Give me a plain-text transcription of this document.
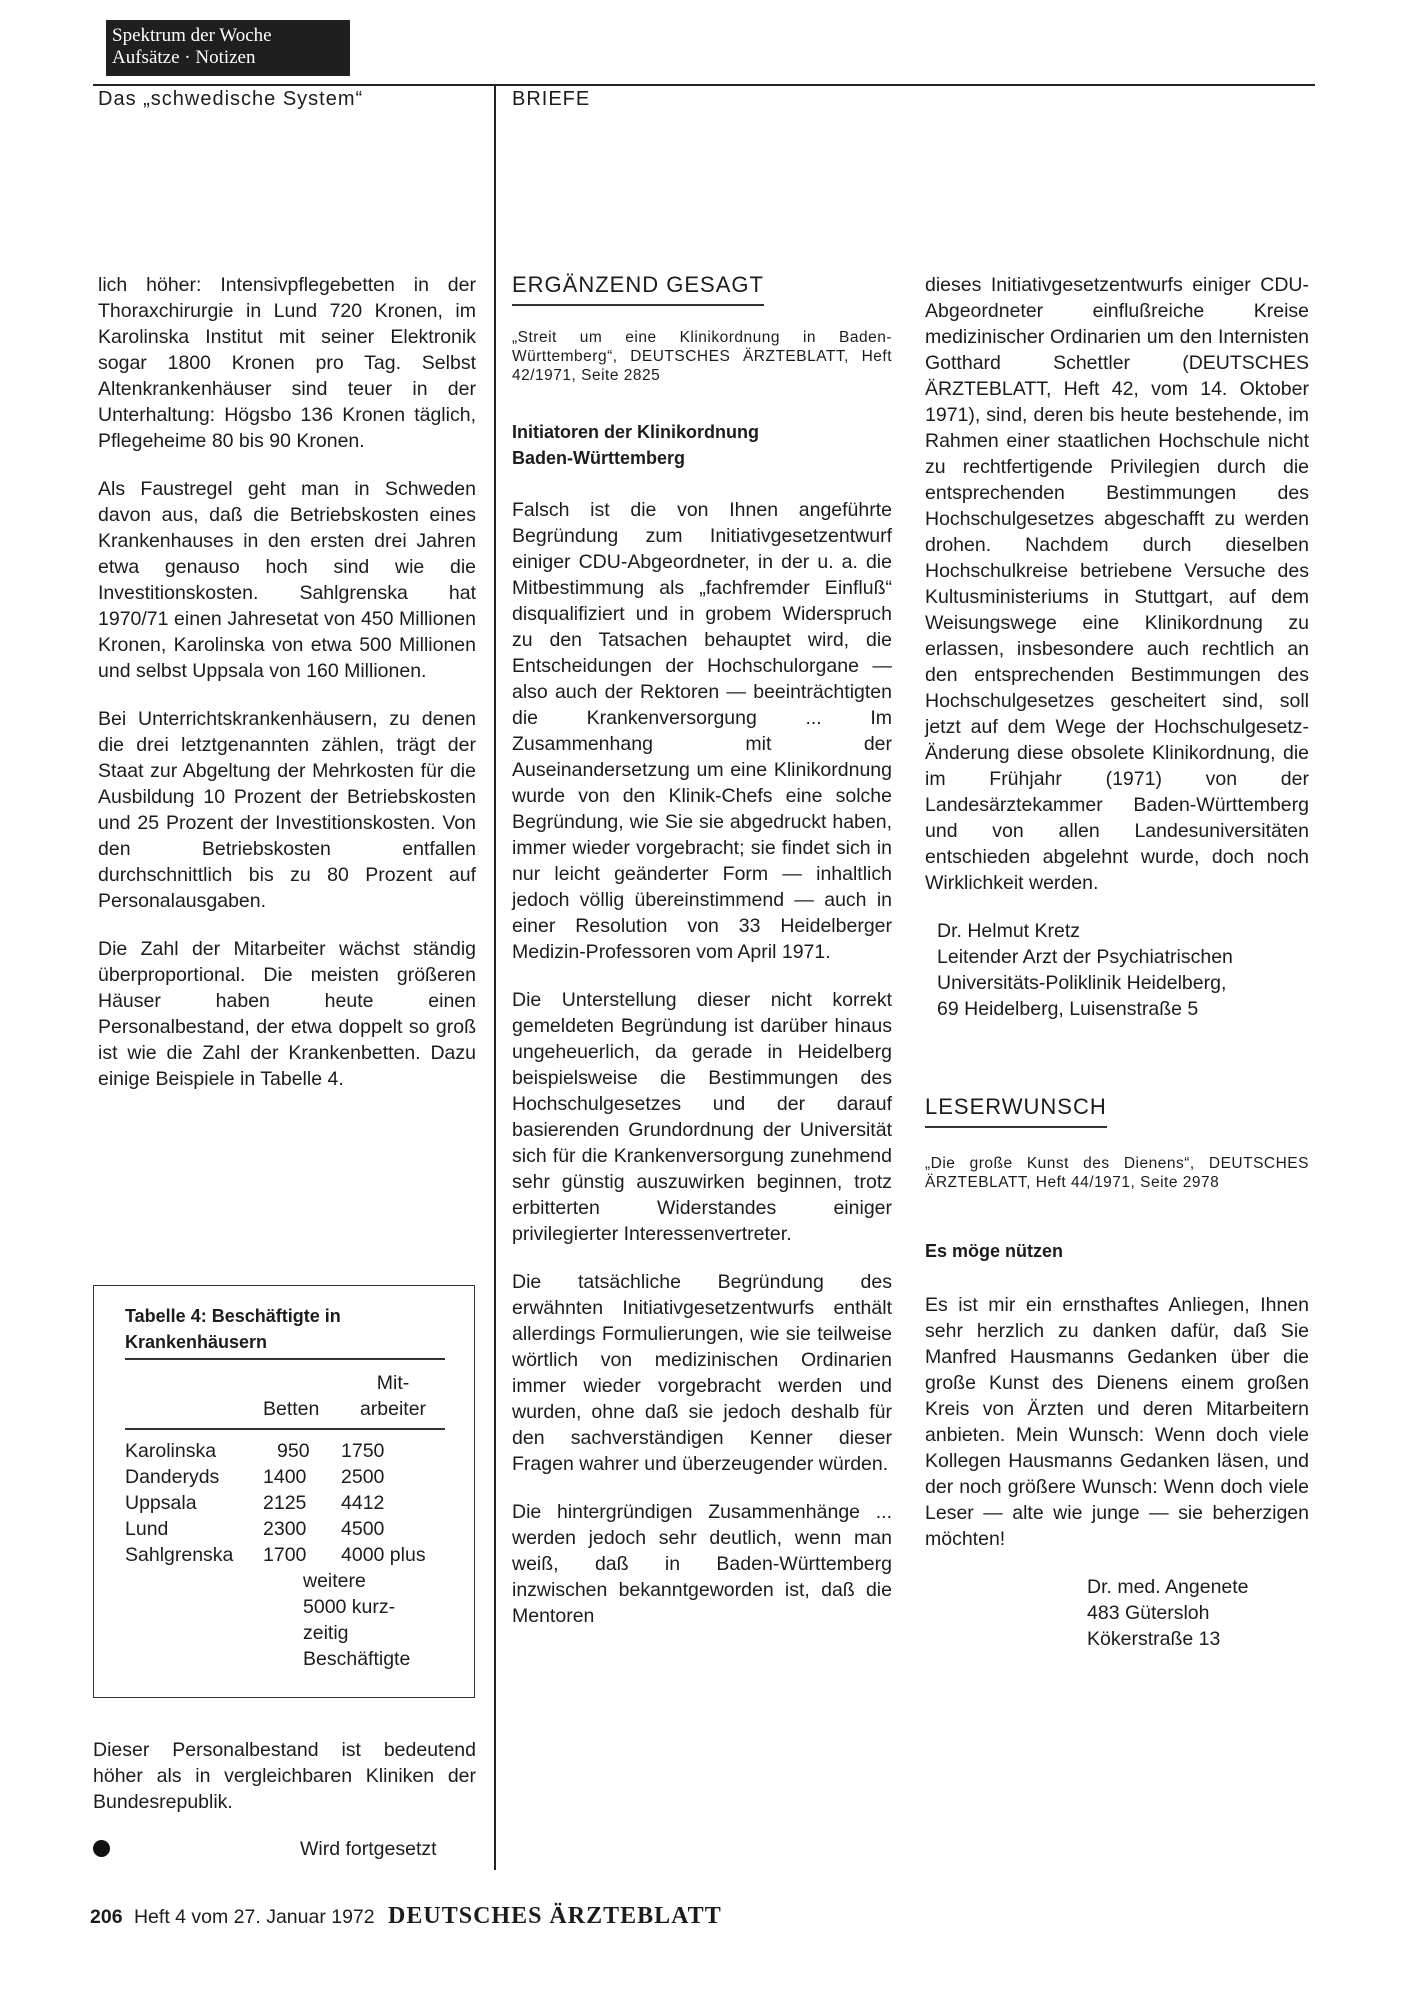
Spektrum der Woche
Aufsätze · Notizen
Das „schwedische System“	BRIEFE

lich höher: Intensivpflegebetten in der Thoraxchirurgie in Lund 720 Kronen, im Karolinska Institut mit seiner Elektronik sogar 1800 Kronen pro Tag. Selbst Altenkrankenhäuser sind teuer in der Unterhaltung: Högsbo 136 Kronen täglich, Pflegeheime 80 bis 90 Kronen.

Als Faustregel geht man in Schweden davon aus, daß die Betriebskosten eines Krankenhauses in den ersten drei Jahren etwa genauso hoch sind wie die Investitionskosten. Sahlgrenska hat 1970/71 einen Jahresetat von 450 Millionen Kronen, Karolinska von etwa 500 Millionen und selbst Uppsala von 160 Millionen.

Bei Unterrichtskrankenhäusern, zu denen die drei letztgenannten zählen, trägt der Staat zur Abgeltung der Mehrkosten für die Ausbildung 10 Prozent der Betriebskosten und 25 Prozent der Investitionskosten. Von den Betriebskosten entfallen durchschnittlich bis zu 80 Prozent auf Personalausgaben.

Die Zahl der Mitarbeiter wächst ständig überproportional. Die meisten größeren Häuser haben heute einen Personalbestand, der etwa doppelt so groß ist wie die Zahl der Krankenbetten. Dazu einige Beispiele in Tabelle 4.

Tabelle 4: Beschäftigte in
Krankenhäusern
	Betten	Mit-
arbeiter

Karolinska	950	1750
Danderyds	1400	2500
Uppsala	2125	4412
Lund	2300	4500
Sahlgrenska	1700	4000 plus

	weitere
5000 kurz-
zeitig
Beschäftigte	

Dieser Personalbestand ist bedeutend höher als in vergleichbaren Kliniken der Bundesrepublik.

Wird fortgesetzt
ERGÄNZEND GESAGT
„Streit um eine Klinikordnung in Baden-Württemberg“, DEUTSCHES ÄRZTEBLATT, Heft 42/1971, Seite 2825
Initiatoren der Klinikordnung
Baden-Württemberg

Falsch ist die von Ihnen angeführte Begründung zum Initiativgesetzentwurf einiger CDU-Abgeordneter, in der u. a. die Mitbestimmung als „fachfremder Einfluß“ disqualifiziert und in grobem Widerspruch zu den Tatsachen behauptet wird, die Entscheidungen der Hochschulorgane — also auch der Rektoren — beeinträchtigten die Krankenversorgung ... Im Zusammenhang mit der Auseinandersetzung um eine Klinikordnung wurde von den Klinik-Chefs eine solche Begründung, wie Sie sie abgedruckt haben, immer wieder vorgebracht; sie findet sich in nur leicht geänderter Form — inhaltlich jedoch völlig übereinstimmend — auch in einer Resolution von 33 Heidelberger Medizin-Professoren vom April 1971.

Die Unterstellung dieser nicht korrekt gemeldeten Begründung ist darüber hinaus ungeheuerlich, da gerade in Heidelberg beispielsweise die Bestimmungen des Hochschulgesetzes und der darauf basierenden Grundordnung der Universität sich für die Krankenversorgung zunehmend sehr günstig auszuwirken beginnen, trotz erbitterten Widerstandes einiger privilegierter Interessenvertreter.

Die tatsächliche Begründung des erwähnten Initiativgesetzentwurfs enthält allerdings Formulierungen, wie sie teilweise wörtlich von medizinischen Ordinarien immer wieder vorgebracht werden und wurden, ohne daß sie jedoch deshalb für den sachverständigen Kenner dieser Fragen wahrer und überzeugender würden.

Die hintergründigen Zusammenhänge ... werden jedoch sehr deutlich, wenn man weiß, daß in Baden-Württemberg inzwischen bekanntgeworden ist, daß die Mentoren

dieses Initiativgesetzentwurfs einiger CDU-Abgeordneter einflußreiche Kreise medizinischer Ordinarien um den Internisten Gotthard Schettler (DEUTSCHES ÄRZTEBLATT, Heft 42, vom 14. Oktober 1971), sind, deren bis heute bestehende, im Rahmen einer staatlichen Hochschule nicht zu rechtfertigende Privilegien durch die entsprechenden Bestimmungen des Hochschulgesetzes abgeschafft zu werden drohen. Nachdem durch dieselben Hochschulkreise betriebene Versuche des Kultusministeriums in Stuttgart, auf dem Weisungswege eine Klinikordnung zu erlassen, insbesondere auch rechtlich an den entsprechenden Bestimmungen des Hochschulgesetzes gescheitert sind, soll jetzt auf dem Wege der Hochschulgesetz-Änderung diese obsolete Klinikordnung, die im Frühjahr (1971) von der Landesärztekammer Baden-Württemberg und von allen Landesuniversitäten entschieden abgelehnt wurde, doch noch Wirklichkeit werden.

Dr. Helmut Kretz
Leitender Arzt der Psychiatrischen
Universitäts-Poliklinik Heidelberg,
69 Heidelberg, Luisenstraße 5
LESERWUNSCH
„Die große Kunst des Dienens“, DEUTSCHES ÄRZTEBLATT, Heft 44/1971, Seite 2978
Es möge nützen

Es ist mir ein ernsthaftes Anliegen, Ihnen sehr herzlich zu danken dafür, daß Sie Manfred Hausmanns Gedanken über die große Kunst des Dienens einem großen Kreis von Ärzten und deren Mitarbeitern anbieten. Mein Wunsch: Wenn doch viele Kollegen Hausmanns Gedanken läsen, und der noch größere Wunsch: Wenn doch viele Leser — alte wie junge — sie beherzigen möchten!

Dr. med. Angenete
483 Gütersloh
Kökerstraße 13
206 Heft 4 vom 27. Januar 1972 DEUTSCHES ÄRZTEBLATT
